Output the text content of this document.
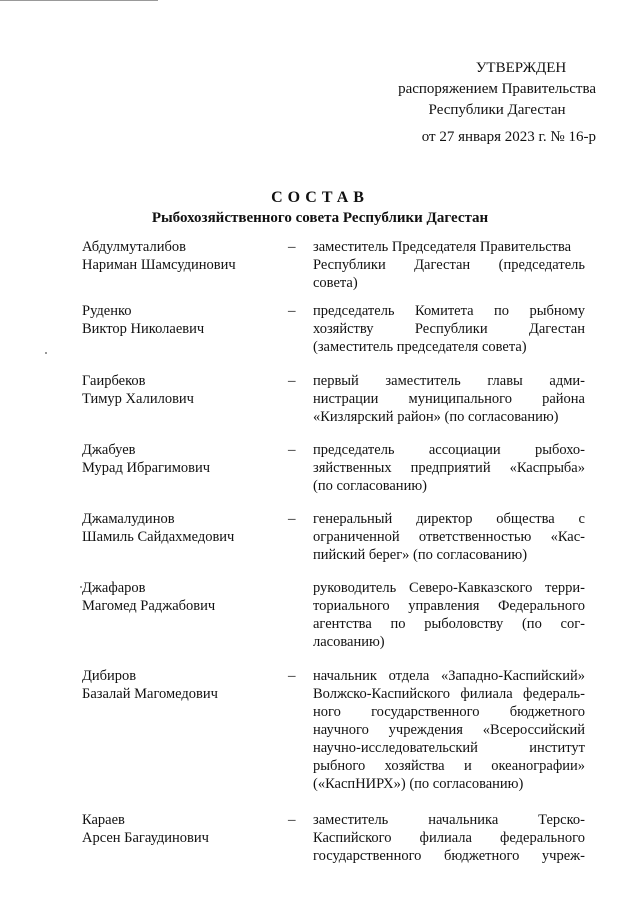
УТВЕРЖДЕН
распоряжением Правительства
Республики Дагестан
от 27 января 2023 г. № 16-р
СОСТАВ
Рыбохозяйственного совета Республики Дагестан
Абдулмуталибов
Нариман Шамсудинович
– заместитель Председателя Правительства
Республики Дагестан (председатель
совета)
Руденко
Виктор Николаевич
– председатель Комитета по рыбному
хозяйству Республики Дагестан
(заместитель председателя совета)
Гаирбеков
Тимур Халилович
– первый заместитель главы адми-
нистрации муниципального района
«Кизлярский район» (по согласованию)
Джабуев
Мурад Ибрагимович
– председатель ассоциации рыбохо-
зяйственных предприятий «Каспрыба»
(по согласованию)
Джамалудинов
Шамиль Сайдахмедович
– генеральный директор общества с
ограниченной ответственностью «Кас-
пийский берег» (по согласованию)
Джафаров
Магомед Раджабович
руководитель Северо-Кавказского терри-
ториального управления Федерального
агентства по рыболовству (по сог-
ласованию)
Дибиров
Базалай Магомедович
– начальник отдела «Западно-Каспийский»
Волжско-Каспийского филиала федераль-
ного государственного бюджетного
научного учреждения «Всероссийский
научно-исследовательский институт
рыбного хозяйства и океанографии»
(«КаспНИРХ») (по согласованию)
Караев
Арсен Багаудинович
– заместитель начальника Терско-
Каспийского филиала федерального
государственного бюджетного учреж-
